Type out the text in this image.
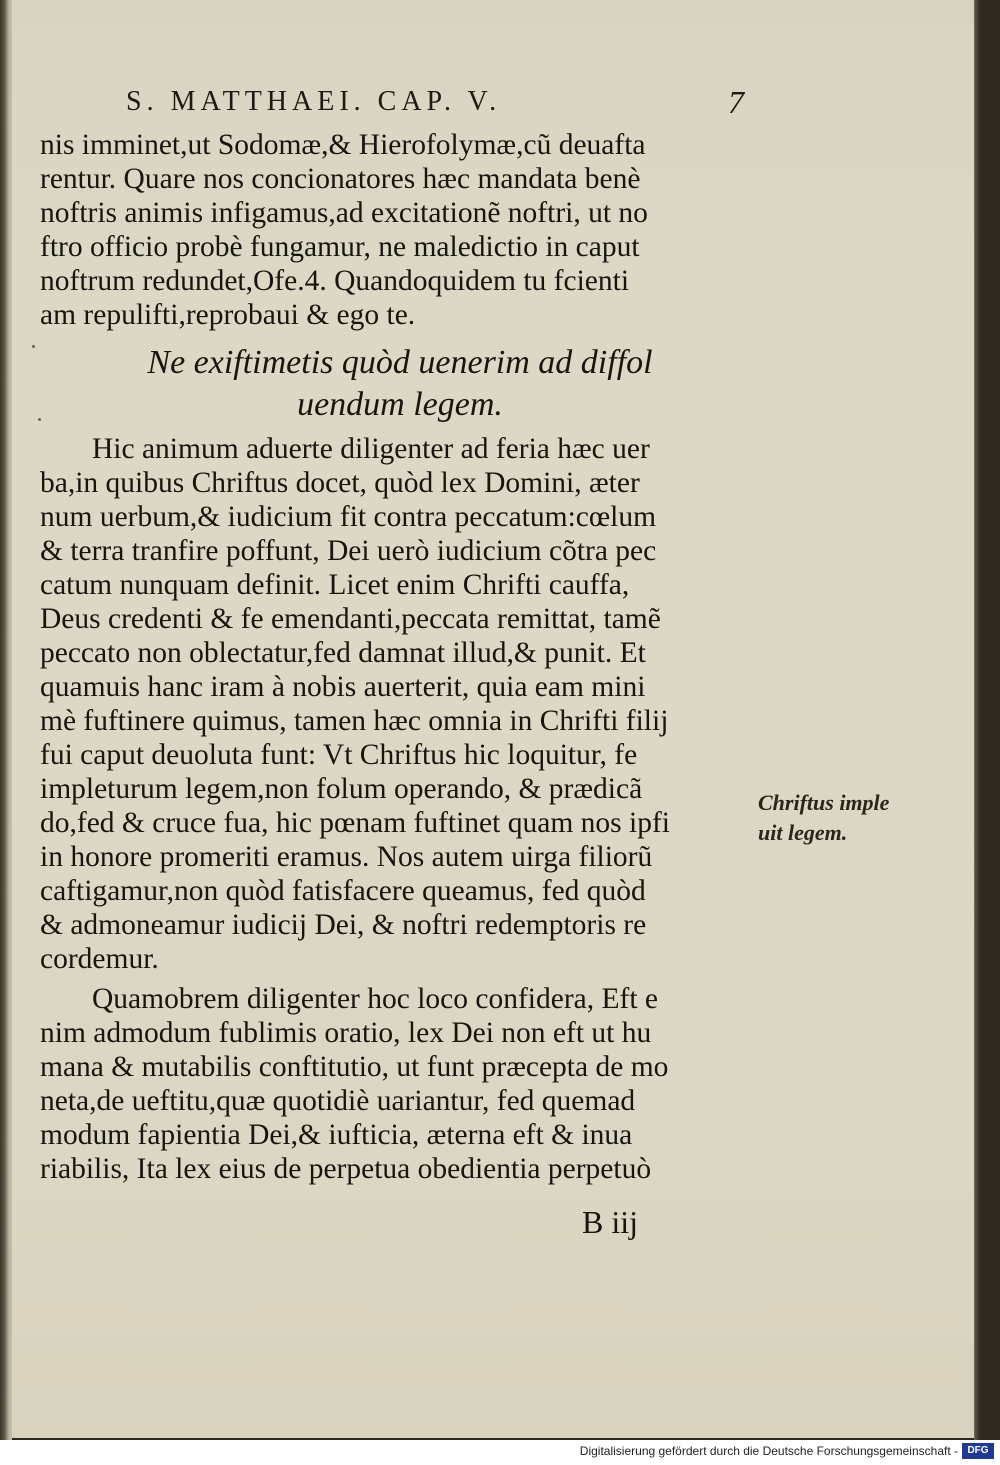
S. MATTHAEI. CAP. V.	7
nis imminet,ut Sodomæ,& Hierofolymæ,cũ deuafta
rentur. Quare nos concionatores hæc mandata benè
noftris animis infigamus,ad excitationẽ noftri, ut no
ftro officio probè fungamur, ne maledictio in caput
noftrum redundet,Ofe.4. Quandoquidem tu fcienti
am repulifti,reprobaui & ego te.
Ne exiftimetis quòd uenerim ad diffol
uendum legem.
Hic animum aduerte diligenter ad feria hæc uer
ba,in quibus Chriftus docet, quòd lex Domini, æter
num uerbum,& iudicium fit contra peccatum:cœlum
& terra tranfire poffunt, Dei uerò iudicium cõtra pec
catum nunquam definit. Licet enim Chrifti cauffa,
Deus credenti & fe emendanti,peccata remittat, tamẽ
peccato non oblectatur,fed damnat illud,& punit. Et
quamuis hanc iram à nobis auerterit, quia eam mini
mè fuftinere quimus, tamen hæc omnia in Chrifti filij
fui caput deuoluta funt: Vt Chriftus hic loquitur, fe
impleturum legem,non folum operando, & prædicã
do,fed & cruce fua, hic pœnam fuftinet quam nos ipfi
in honore promeriti eramus. Nos autem uirga filiorũ
caftigamur,non quòd fatisfacere queamus, fed quòd
& admoneamur iudicij Dei, & noftri redemptoris re
cordemur.
Quamobrem diligenter hoc loco confidera, Eft e
nim admodum fublimis oratio, lex Dei non eft ut hu
mana & mutabilis conftitutio, ut funt præcepta de mo
neta,de ueftitu,quæ quotidiè uariantur, fed quemad
modum fapientia Dei,& iufticia, æterna eft & inua
riabilis, Ita lex eius de perpetua obedientia perpetuò
B iij
Chriftus imple
uit legem.
Digitalisierung gefördert durch die Deutsche Forschungsgemeinschaft - DFG
